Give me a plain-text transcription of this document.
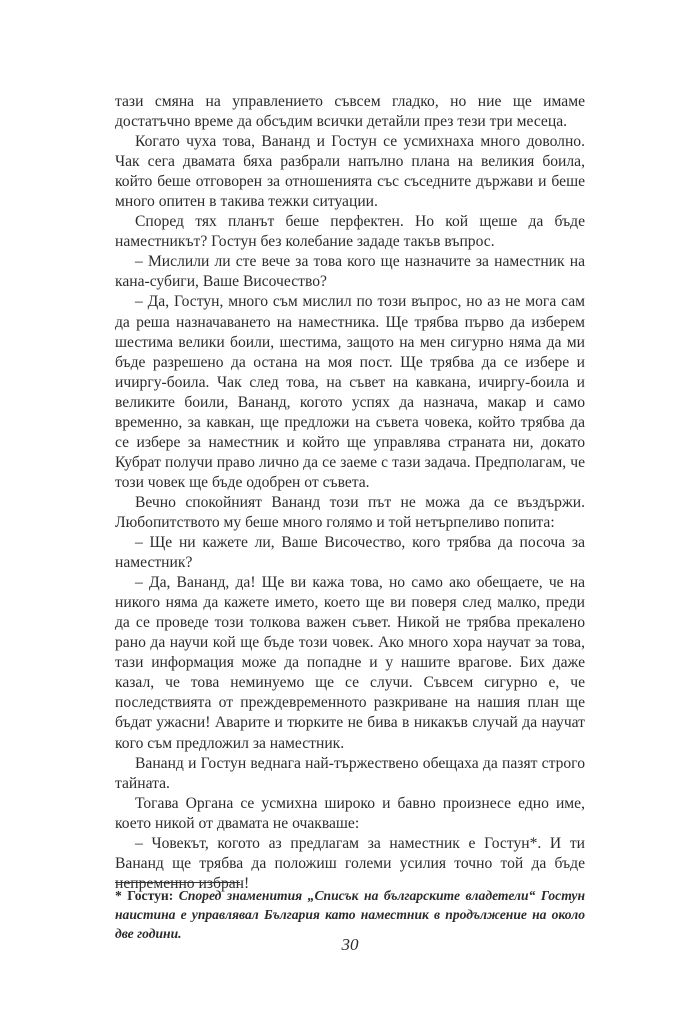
тази смяна на управлението съвсем гладко, но ние ще имаме достатъчно време да обсъдим всички детайли през тези три месеца.

Когато чуха това, Ванaнд и Гостун се усмихнаха много доволно. Чак сега двамата бяха разбрали напълно плана на великия боила, който беше отговорен за отношенията със съседните държави и беше много опитен в такива тежки ситуации.

Според тях планът беше перфектен. Но кой щеше да бъде наместникът? Гостун без колебание зададе такъв въпрос.

– Мислили ли сте вече за това кого ще назначите за наместник на кана-субиги, Ваше Височество?

– Да, Гостун, много съм мислил по този въпрос, но аз не мога сам да реша назначаването на наместника. Ще трябва първо да изберем шестима велики боили, шестима, защото на мен сигурно няма да ми бъде разрешено да остана на моя пост. Ще трябва да се избере и ичиргу-боила. Чак след това, на съвет на кавкана, ичиргу-боила и великите боили, Ванaнд, когото успях да назнача, макар и само временно, за кавкан, ще предложи на съвета човека, който трябва да се избере за наместник и който ще управлява страната ни, докато Кубрат получи право лично да се заеме с тази задача. Предполагам, че този човек ще бъде одобрен от съвета.

Вечно спокойният Ванaнд този път не можа да се въздържи. Любопитството му беше много голямо и той нетърпеливо попита:

– Ще ни кажете ли, Ваше Височество, кого трябва да посоча за наместник?

– Да, Ванaнд, да! Ще ви кажа това, но само ако обещаете, че на никого няма да кажете името, което ще ви поверя след малко, преди да се проведе този толкова важен съвет. Никой не трябва прекалено рано да научи кой ще бъде този човек. Ако много хора научат за това, тази информация може да попадне и у нашите врагове. Бих даже казал, че това неминуемо ще се случи. Съвсем сигурно е, че последствията от преждевременното разкриване на нашия план ще бъдат ужасни! Аварите и тюрките не бива в никакъв случай да научат кого съм предложил за наместник.

Ванaнд и Гостун веднага най-тържествено обещаха да пазят строго тайната.

Тогава Органа се усмихна широко и бавно произнесе едно име, което никой от двамата не очакваше:

– Човекът, когото аз предлагам за наместник е Гостун*. И ти Ванaнд ще трябва да положиш големи усилия точно той да бъде непременно избран!

* Гостун: Според знаменития „Списък на българските владетели“ Гостун наистина е управлявал България като наместник в продължение на около две години.
30
